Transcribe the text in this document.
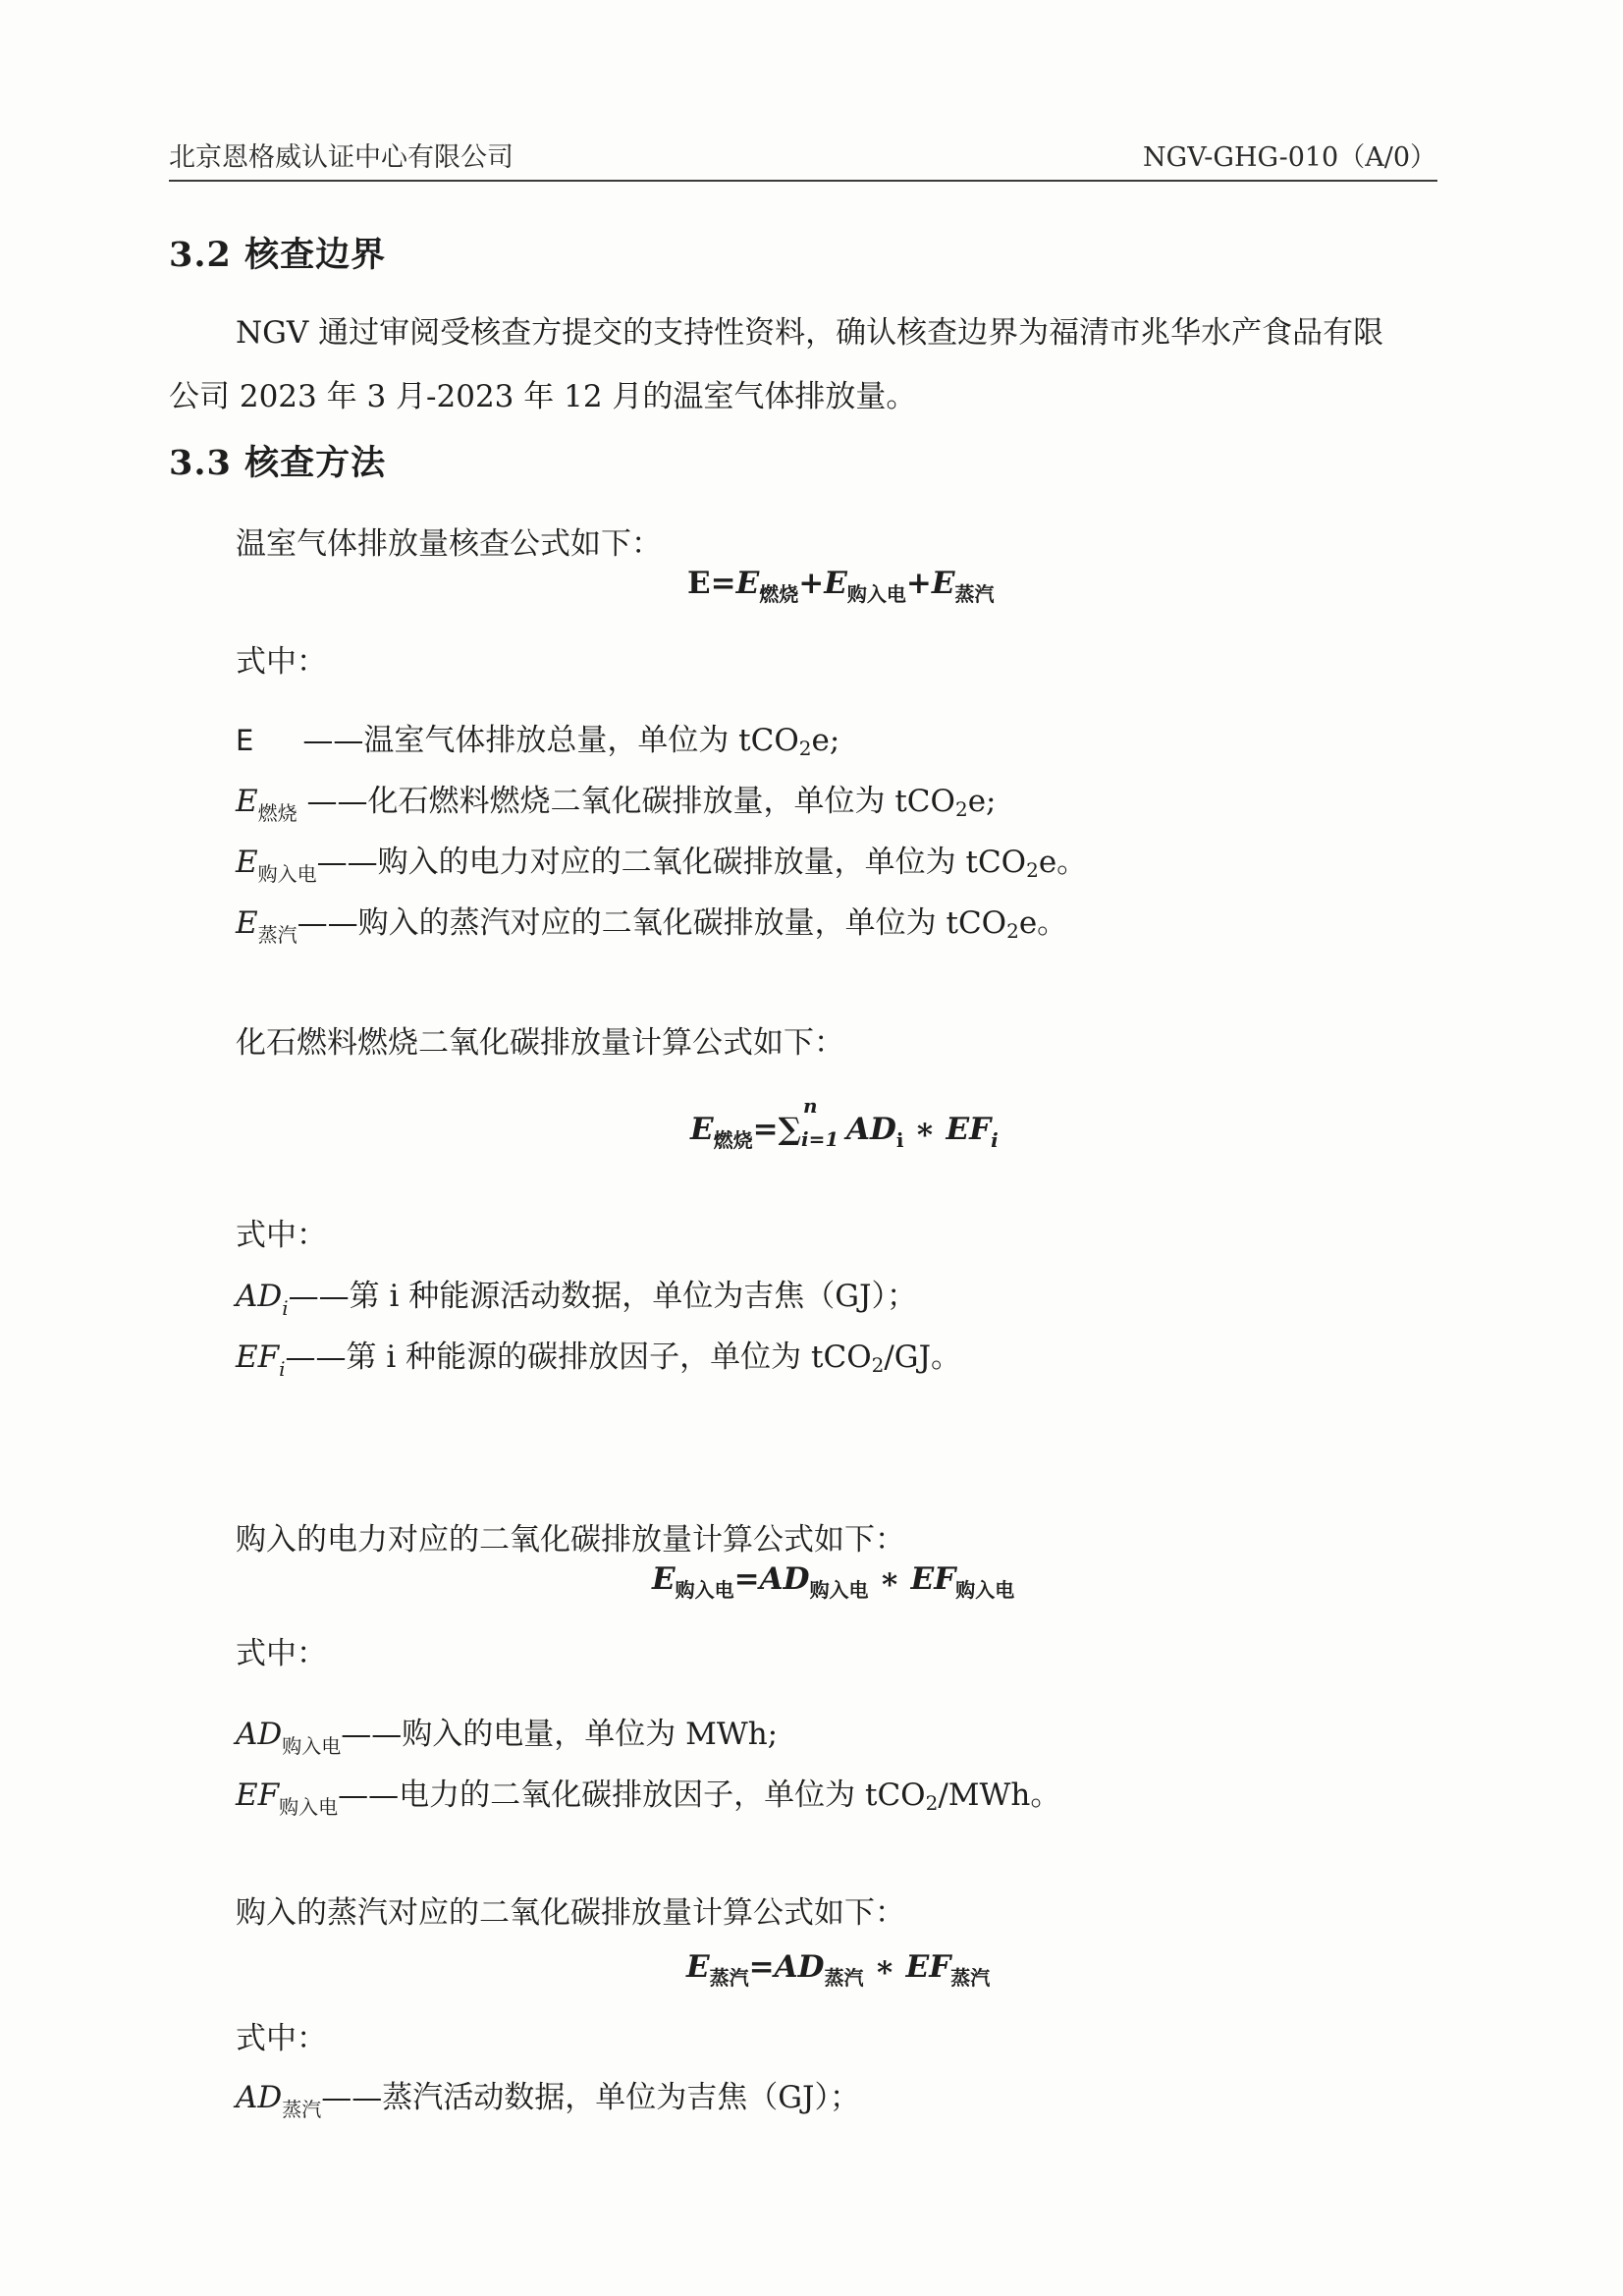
北京恩格威认证中心有限公司	NGV-GHG-010（A/0）
3.2 核查边界
NGV 通过审阅受核查方提交的支持性资料，确认核查边界为福清市兆华水产食品有限
公司 2023 年 3 月-2023 年 12 月的温室气体排放量。
3.3 核查方法
温室气体排放量核查公式如下：
$E=E_{燃烧}+E_{购入电}+E_{蒸汽}$
式中：
E ——温室气体排放总量，单位为 tCO2e;
$E_{燃烧}$ ——化石燃料燃烧二氧化碳排放量，单位为 tCO2e;
$E_{购入电}——$购入的电力对应的二氧化碳排放量，单位为 tCO2e。
$E_{蒸汽}——$购入的蒸汽对应的二氧化碳排放量，单位为 tCO2e。
化石燃料燃烧二氧化碳排放量计算公式如下：
$E_{燃烧}=\sum$
n
i=1 $AD_i$ ∗ $EF_i$
式中：
$AD_i——$第 i 种能源活动数据，单位为吉焦（GJ）；
$EF_i——$第 i 种能源的碳排放因子，单位为 tCO2/GJ。
购入的电力对应的二氧化碳排放量计算公式如下：
$E_{购入电}=AD_{购入电}$ ∗ $EF_{购入电}$
式中：
$AD_{购入电}——$购入的电量，单位为 MWh;
$EF_{购入电}——$电力的二氧化碳排放因子，单位为 tCO2/MWh。
购入的蒸汽对应的二氧化碳排放量计算公式如下：
$E_{蒸汽}=AD_{蒸汽}$ ∗ $EF_{蒸汽}$
式中：
$AD_{蒸汽}——$蒸汽活动数据，单位为吉焦（GJ）；
